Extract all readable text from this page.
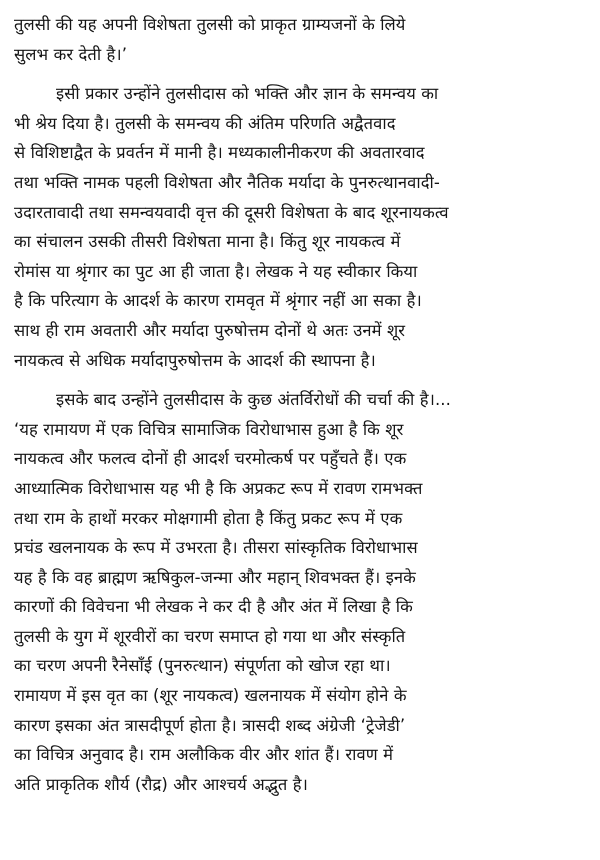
तुलसी की यह अपनी विशेषता तुलसी को प्राकृत ग्राम्यजनों के लिये
सुलभ कर देती है।’
इसी प्रकार उन्होंने तुलसीदास को भक्ति और ज्ञान के समन्वय का
भी श्रेय दिया है। तुलसी के समन्वय की अंतिम परिणति अद्वैतवाद
से विशिष्टाद्वैत के प्रवर्तन में मानी है। मध्यकालीनीकरण की अवतारवाद
तथा भक्ति नामक पहली विशेषता और नैतिक मर्यादा के पुनरुत्थानवादी-
उदारतावादी तथा समन्वयवादी वृत्त की दूसरी विशेषता के बाद शूरनायकत्व
का संचालन उसकी तीसरी विशेषता माना है। किंतु शूर नायकत्व में
रोमांस या श्रृंगार का पुट आ ही जाता है। लेखक ने यह स्वीकार किया
है कि परित्याग के आदर्श के कारण रामवृत में श्रृंगार नहीं आ सका है।
साथ ही राम अवतारी और मर्यादा पुरुषोत्तम दोनों थे अतः उनमें शूर
नायकत्व से अधिक मर्यादापुरुषोत्तम के आदर्श की स्थापना है।
इसके बाद उन्होंने तुलसीदास के कुछ अंतर्विरोधों की चर्चा की है।...
‘यह रामायण में एक विचित्र सामाजिक विरोधाभास हुआ है कि शूर
नायकत्व और फलत्व दोनों ही आदर्श चरमोत्कर्ष पर पहुँचते हैं। एक
आध्यात्मिक विरोधाभास यह भी है कि अप्रकट रूप में रावण रामभक्त
तथा राम के हाथों मरकर मोक्षगामी होता है किंतु प्रकट रूप में एक
प्रचंड खलनायक के रूप में उभरता है। तीसरा सांस्कृतिक विरोधाभास
यह है कि वह ब्राह्मण ऋषिकुल-जन्मा और महान् शिवभक्त हैं। इनके
कारणों की विवेचना भी लेखक ने कर दी है और अंत में लिखा है कि
तुलसी के युग में शूरवीरों का चरण समाप्त हो गया था और संस्कृति
का चरण अपनी रैनेसाँई (पुनरुत्थान) संपूर्णता को खोज रहा था।
रामायण में इस वृत का (शूर नायकत्व) खलनायक में संयोग होने के
कारण इसका अंत त्रासदीपूर्ण होता है। त्रासदी शब्द अंग्रेजी ‘ट्रेजेडी’
का विचित्र अनुवाद है। राम अलौकिक वीर और शांत हैं। रावण में
अति प्राकृतिक शौर्य (रौद्र) और आश्चर्य अद्भुत है।
